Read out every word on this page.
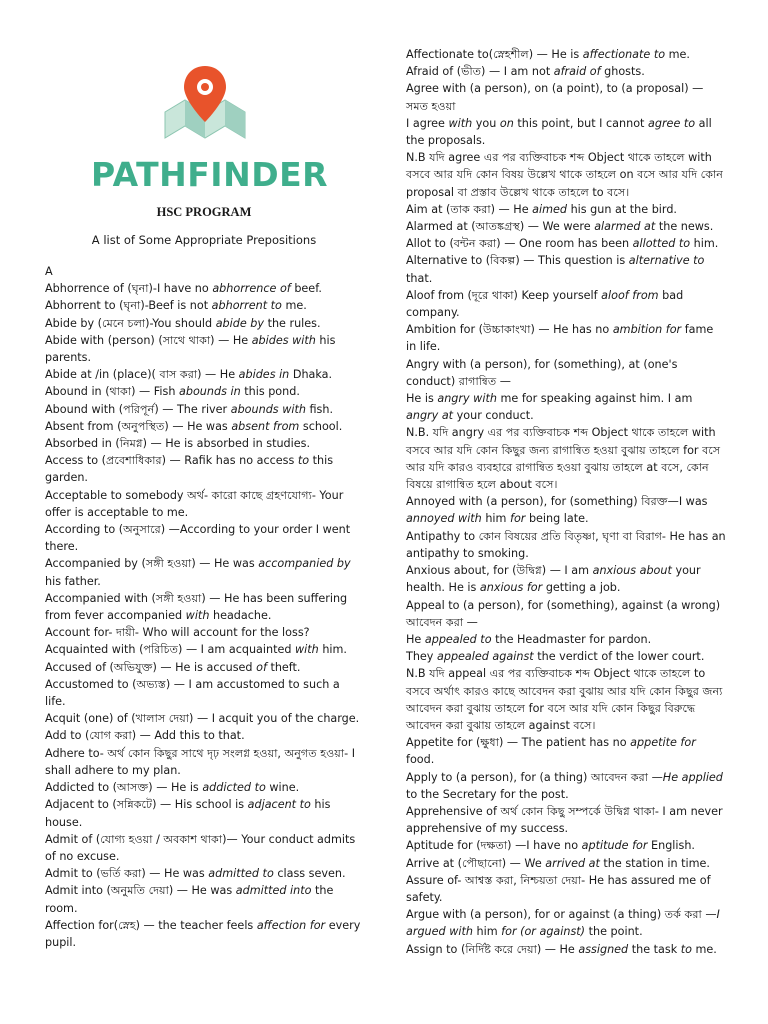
PATHFINDER
HSC PROGRAM
A list of Some Appropriate Prepositions
A

Abhorrence of (ঘৃনা)-I have no abhorrence of beef.

Abhorrent to (ঘৃনা)-Beef is not abhorrent to me.

Abide by (মেনে চলা)-You should abide by the rules.

Abide with (person) (সাথে থাকা) — He abides with his parents.

Abide at /in (place)( বাস করা) — He abides in Dhaka.

Abound in (থাকা) — Fish abounds in this pond.

Abound with (পরিপূর্ন) — The river abounds with fish.

Absent from (অনুপস্থিত) — He was absent from school.

Absorbed in (নিমগ্ন) — He is absorbed in studies.

Access to (প্রবেশাধিকার) — Rafik has no access to this garden.

Acceptable to somebody অর্থ- কারো কাছে গ্রহণযোগ্য- Your offer is acceptable to me.

According to (অনুসারে) —According to your order I went there.

Accompanied by (সঙ্গী হওয়া) — He was accompanied by his father.

Accompanied with (সঙ্গী হওয়া) — He has been suffering from fever accompanied with headache.

Account for- দায়ী- Who will account for the loss?

Acquainted with (পরিচিত) — I am acquainted with him.

Accused of (অভিযুক্ত) — He is accused of theft.

Accustomed to (অভ্যস্ত) — I am accustomed to such a life.

Acquit (one) of (খালাস দেয়া) — I acquit you of the charge.

Add to (যোগ করা) — Add this to that.

Adhere to- অর্থ কোন কিছুর সাথে দৃঢ় সংলগ্ন হওয়া, অনুগত হওয়া- I shall adhere to my plan.

Addicted to (আসক্ত) — He is addicted to wine.

Adjacent to (সন্নিকটে) — His school is adjacent to his house.

Admit of (যোগ্য হওয়া / অবকাশ থাকা)— Your conduct admits of no excuse.

Admit to (ভর্তি করা) — He was admitted to class seven.

Admit into (অনুমতি দেয়া) — He was admitted into the room.

Affection for(স্নেহ) — the teacher feels affection for every pupil.

Affectionate to(স্নেহশীল) — He is affectionate to me.

Afraid of (ভীত) — I am not afraid of ghosts.

Agree with (a person), on (a point), to (a proposal) — সমত হওয়া

I agree with you on this point, but I cannot agree to all the proposals.

N.B যদি agree এর পর ব্যক্তিবাচক শব্দ Object থাকে তাহলে with বসবে আর যদি কোন বিষয় উল্লেখ থাকে তাহলে on বসে আর যদি কোন proposal বা প্রস্তাব উল্লেখ থাকে তাহলে to বসে।

Aim at (তাক করা) — He aimed his gun at the bird.

Alarmed at (আতঙ্কগ্রস্থ) — We were alarmed at the news.

Allot to (বন্টন করা) — One room has been allotted to him.

Alternative to (বিকল্প) — This question is alternative to that.

Aloof from (দূরে থাকা) Keep yourself aloof from bad company.

Ambition for (উচ্চাকাংখা) — He has no ambition for fame in life.

Angry with (a person), for (something), at (one's conduct) রাগান্বিত —

He is angry with me for speaking against him. I am angry at your conduct.

N.B. যদি angry এর পর ব্যক্তিবাচক শব্দ Object থাকে তাহলে with বসবে আর যদি কোন কিছুর জন্য রাগান্বিত হওয়া বুঝায় তাহলে for বসে আর যদি কারও ব্যবহারে রাগান্বিত হওয়া বুঝায় তাহলে at বসে, কোন বিষয়ে রাগান্বিত হলে about বসে।

Annoyed with (a person), for (something) বিরক্ত—I was annoyed with him for being late.

Antipathy to কোন বিষয়ের প্রতি বিতৃষ্ণা, ঘৃণা বা বিরাগ- He has an antipathy to smoking.

Anxious about, for (উদ্বিগ্ন) — I am anxious about your health. He is anxious for getting a job.

Appeal to (a person), for (something), against (a wrong) আবেদন করা —

He appealed to the Headmaster for pardon.

They appealed against the verdict of the lower court.

N.B যদি appeal এর পর ব্যক্তিবাচক শব্দ Object থাকে তাহলে to বসবে অর্থাৎ কারও কাছে আবেদন করা বুঝায় আর যদি কোন কিছুর জন্য আবেদন করা বুঝায় তাহলে for বসে আর যদি কোন কিছুর বিরুদ্ধে আবেদন করা বুঝায় তাহলে against বসে।

Appetite for (ক্ষুধা) — The patient has no appetite for food.

Apply to (a person), for (a thing) আবেদন করা —He applied to the Secretary for the post.

Apprehensive of অর্থ কোন কিছু সম্পর্কে উদ্বিগ্ন থাকা- I am never apprehensive of my success.

Aptitude for (দক্ষতা) —I have no aptitude for English.

Arrive at (পৌছানো) — We arrived at the station in time.

Assure of- আশ্বস্ত করা, নিশ্চয়তা দেয়া- He has assured me of safety.

Argue with (a person), for or against (a thing) তর্ক করা —I argued with him for (or against) the point.

Assign to (নির্দিষ্ট করে দেয়া) — He assigned the task to me.
